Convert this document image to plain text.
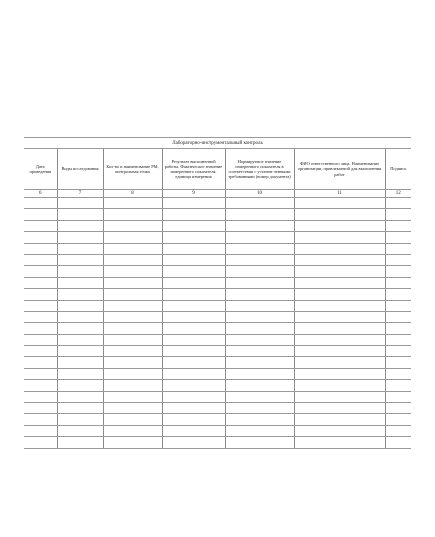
Лабораторно-инструментальный контроль						
Дата проведения	Виды исследования	Кол-во и наименование РМ, контрольная точка	Результат выполненной работы. Фактическое значение измеренного показателя, единица измерения	Нормируемое значение измеренного показателя в соответствии с установ-ленными требованиями (номер документа)	ФИО ответственного лица. Наименование организации, привлекаемой для выполнения работ	Подпись
6	7	8	9	10	11	12
